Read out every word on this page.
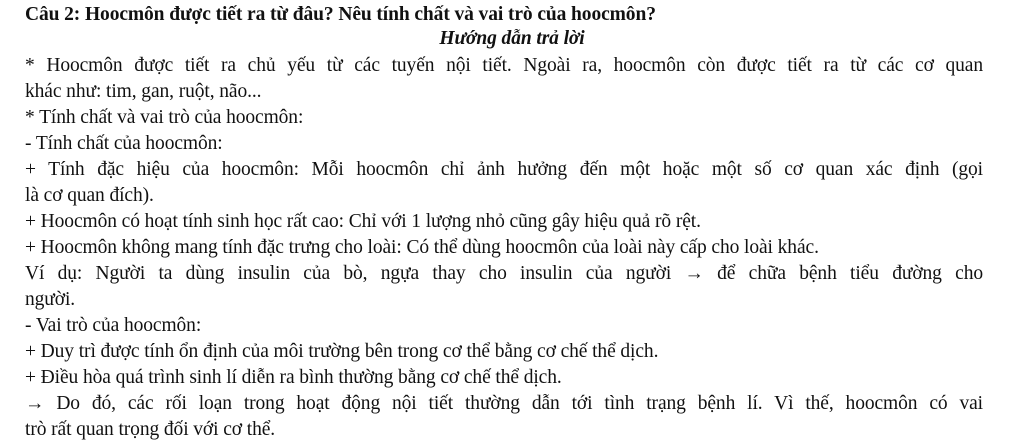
Câu 2: Hoocmôn được tiết ra từ đâu? Nêu tính chất và vai trò của hoocmôn?
Hướng dẫn trả lời
* Hoocmôn được tiết ra chủ yếu từ các tuyến nội tiết. Ngoài ra, hoocmôn còn được tiết ra từ các cơ quan
khác như: tim, gan, ruột, não...
* Tính chất và vai trò của hoocmôn:
- Tính chất của hoocmôn:
+ Tính đặc hiệu của hoocmôn: Mỗi hoocmôn chỉ ảnh hưởng đến một hoặc một số cơ quan xác định (gọi
là cơ quan đích).
+ Hoocmôn có hoạt tính sinh học rất cao: Chỉ với 1 lượng nhỏ cũng gây hiệu quả rõ rệt.
+ Hoocmôn không mang tính đặc trưng cho loài: Có thể dùng hoocmôn của loài này cấp cho loài khác.
Ví dụ: Người ta dùng insulin của bò, ngựa thay cho insulin của người → để chữa bệnh tiểu đường cho
người.
- Vai trò của hoocmôn:
+ Duy trì được tính ổn định của môi trường bên trong cơ thể bằng cơ chế thể dịch.
+ Điều hòa quá trình sinh lí diễn ra bình thường bằng cơ chế thể dịch.
→ Do đó, các rối loạn trong hoạt động nội tiết thường dẫn tới tình trạng bệnh lí. Vì thế, hoocmôn có vai
trò rất quan trọng đối với cơ thể.
